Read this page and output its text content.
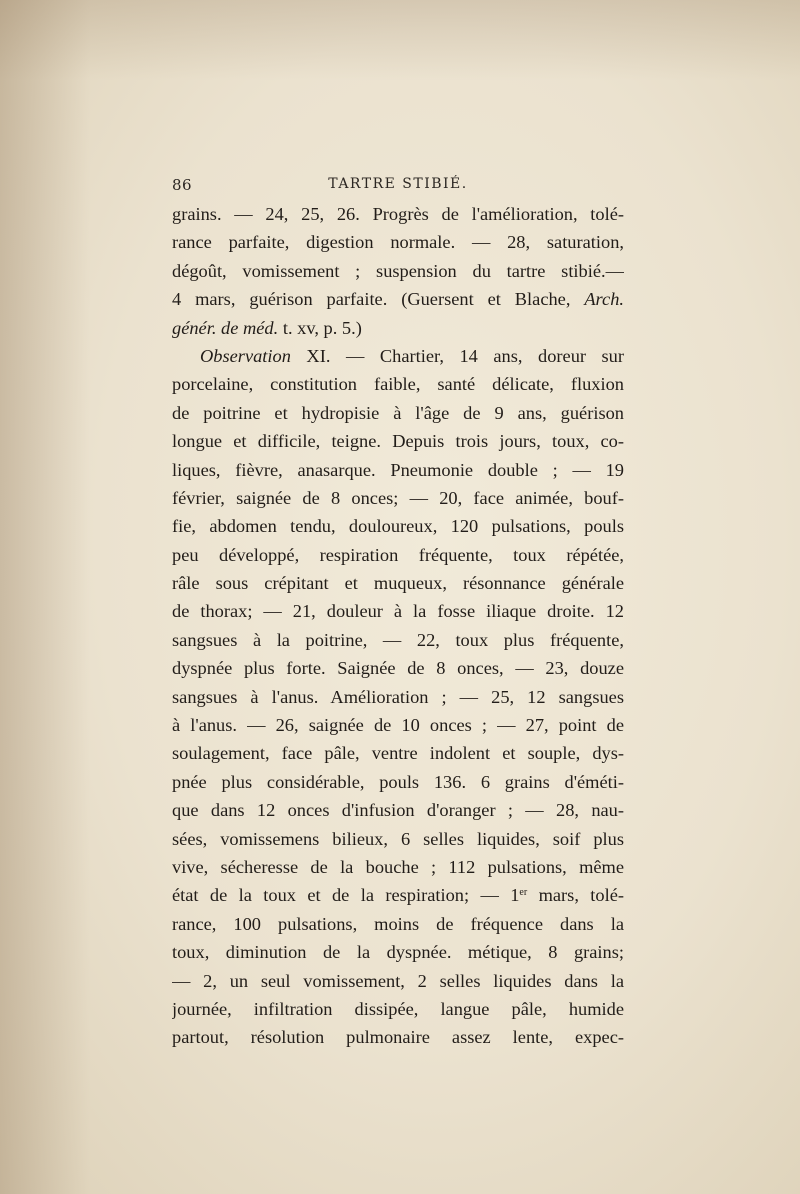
86	TARTRE STIBIÉ.
grains. — 24, 25, 26. Progrès de l'amélioration, tolé-
rance parfaite, digestion normale. — 28, saturation,
dégoût, vomissement ; suspension du tartre stibié.—
4 mars, guérison parfaite. (Guersent et Blache, Arch.
génér. de méd. t. xv, p. 5.)
Observation XI. — Chartier, 14 ans, doreur sur
porcelaine, constitution faible, santé délicate, fluxion
de poitrine et hydropisie à l'âge de 9 ans, guérison
longue et difficile, teigne. Depuis trois jours, toux, co-
liques, fièvre, anasarque. Pneumonie double ; — 19
février, saignée de 8 onces; — 20, face animée, bouf-
fie, abdomen tendu, douloureux, 120 pulsations, pouls
peu développé, respiration fréquente, toux répétée,
râle sous crépitant et muqueux, résonnance générale
de thorax; — 21, douleur à la fosse iliaque droite. 12
sangsues à la poitrine, — 22, toux plus fréquente,
dyspnée plus forte. Saignée de 8 onces, — 23, douze
sangsues à l'anus. Amélioration ; — 25, 12 sangsues
à l'anus. — 26, saignée de 10 onces ; — 27, point de
soulagement, face pâle, ventre indolent et souple, dys-
pnée plus considérable, pouls 136. 6 grains d'éméti-
que dans 12 onces d'infusion d'oranger ; — 28, nau-
sées, vomissemens bilieux, 6 selles liquides, soif plus
vive, sécheresse de la bouche ; 112 pulsations, même
état de la toux et de la respiration; — 1er mars, tolé-
rance, 100 pulsations, moins de fréquence dans la
toux, diminution de la dyspnée. métique, 8 grains;
— 2, un seul vomissement, 2 selles liquides dans la
journée, infiltration dissipée, langue pâle, humide
partout, résolution pulmonaire assez lente, expec-
